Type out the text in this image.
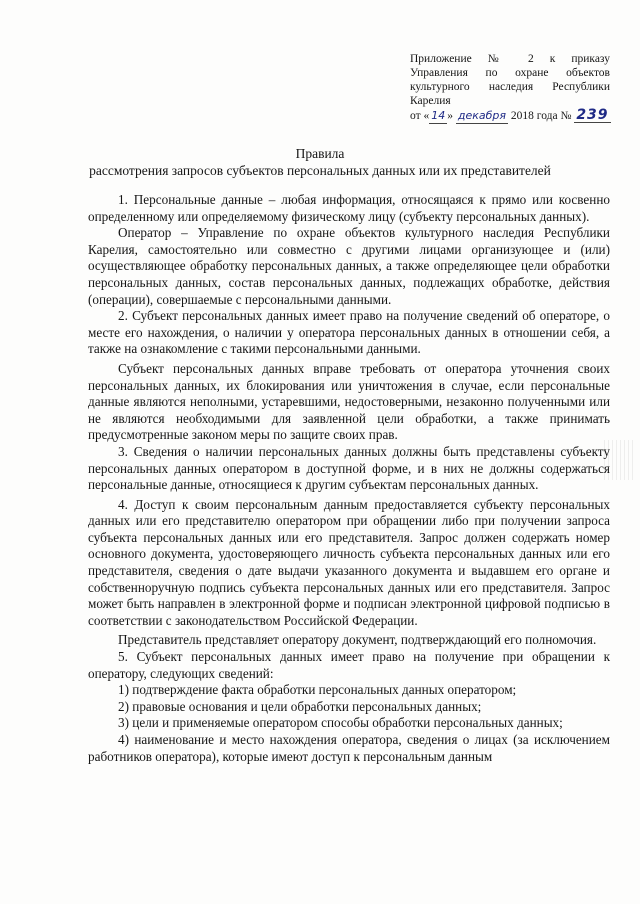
Приложение № 2 к приказу
Управления по охране объектов
культурного наследия Республики
Карелия
от « 14 » декабря 2018 года № 239
Правила
рассмотрения запросов субъектов персональных данных или их представителей

1. Персональные данные – любая информация, относящаяся к прямо или косвенно определенному или определяемому физическому лицу (субъекту персональных данных).

Оператор – Управление по охране объектов культурного наследия Республики Карелия, самостоятельно или совместно с другими лицами организующее и (или) осуществляющее обработку персональных данных, а также определяющее цели обработки персональных данных, состав персональных данных, подлежащих обработке, действия (операции), совершаемые с персональными данными.

2. Субъект персональных данных имеет право на получение сведений об операторе, о месте его нахождения, о наличии у оператора персональных данных в отношении себя, а также на ознакомление с такими персональными данными.

Субъект персональных данных вправе требовать от оператора уточнения своих персональных данных, их блокирования или уничтожения в случае, если персональные данные являются неполными, устаревшими, недостоверными, незаконно полученными или не являются необходимыми для заявленной цели обработки, а также принимать предусмотренные законом меры по защите своих прав.

3. Сведения о наличии персональных данных должны быть представлены субъекту персональных данных оператором в доступной форме, и в них не должны содержаться персональные данные, относящиеся к другим субъектам персональных данных.

4. Доступ к своим персональным данным предоставляется субъекту персональных данных или его представителю оператором при обращении либо при получении запроса субъекта персональных данных или его представителя. Запрос должен содержать номер основного документа, удостоверяющего личность субъекта персональных данных или его представителя, сведения о дате выдачи указанного документа и выдавшем его органе и собственноручную подпись субъекта персональных данных или его представителя. Запрос может быть направлен в электронной форме и подписан электронной цифровой подписью в соответствии с законодательством Российской Федерации.

Представитель представляет оператору документ, подтверждающий его полномочия.

5. Субъект персональных данных имеет право на получение при обращении к оператору, следующих сведений:

1) подтверждение факта обработки персональных данных оператором;

2) правовые основания и цели обработки персональных данных;

3) цели и применяемые оператором способы обработки персональных данных;

4) наименование и место нахождения оператора, сведения о лицах (за исключением работников оператора), которые имеют доступ к персональным данным
